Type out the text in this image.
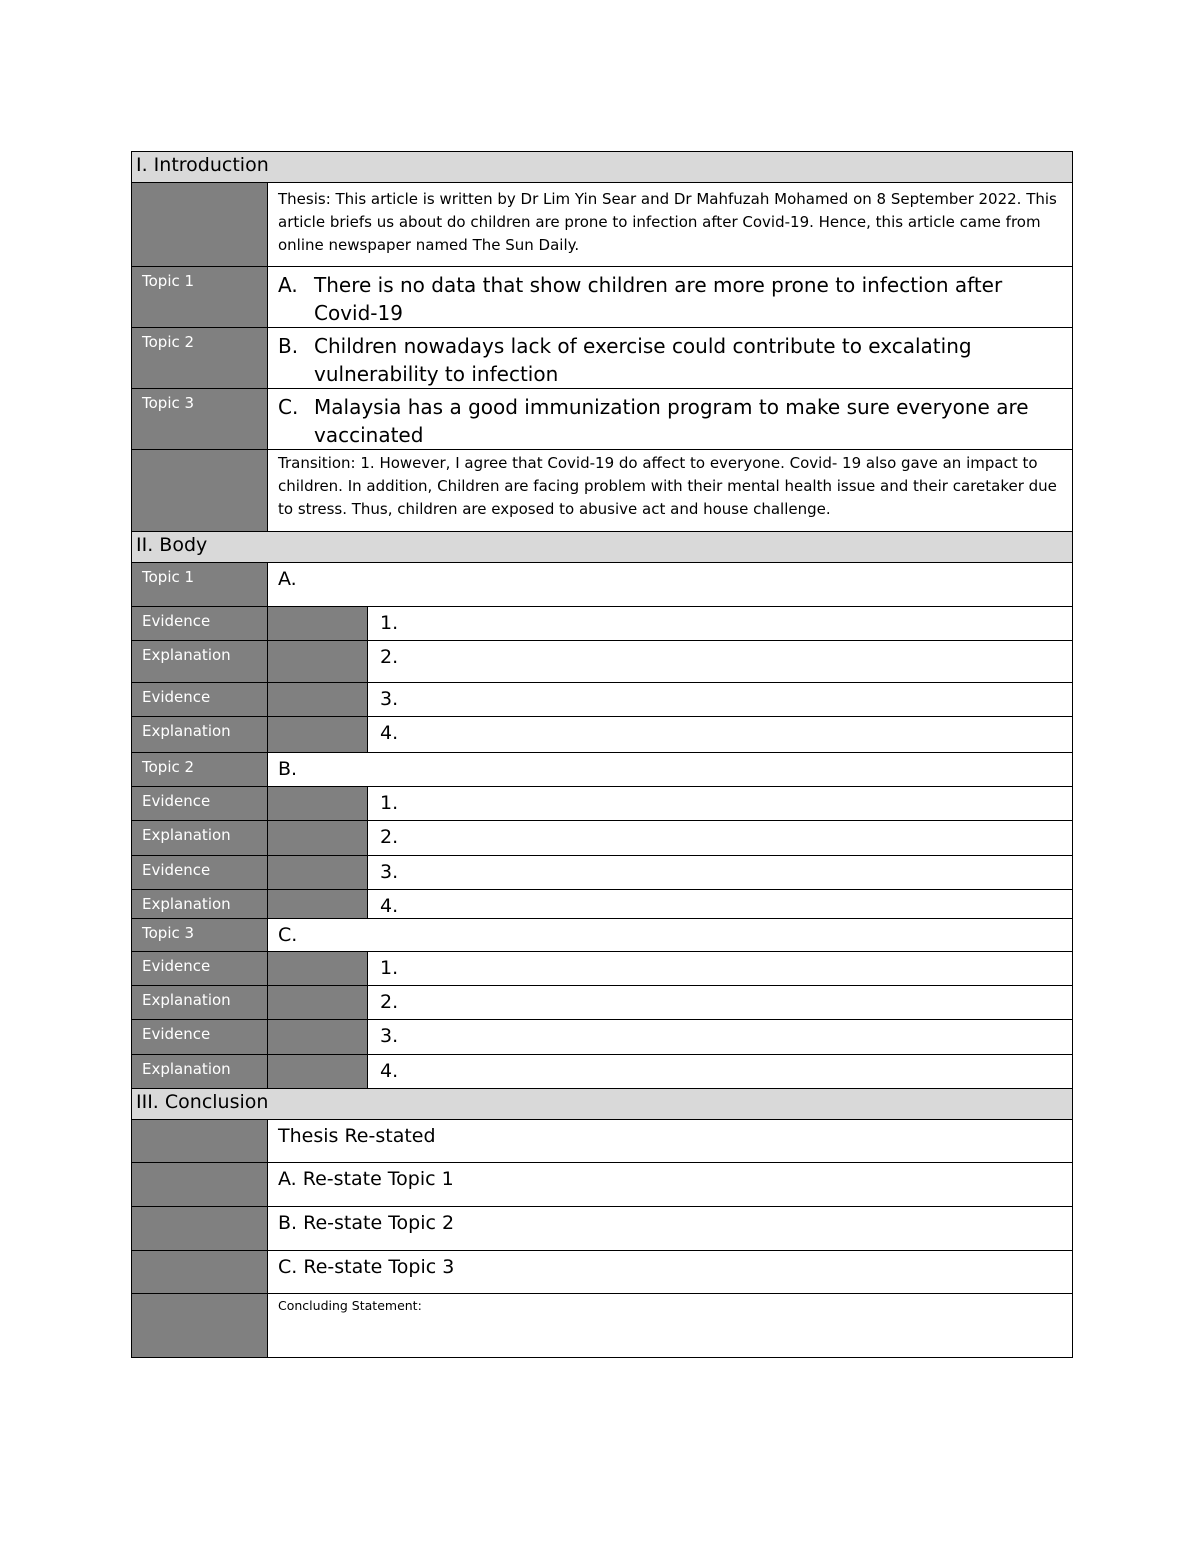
I. Introduction		
	Thesis: This article is written by Dr Lim Yin Sear and Dr Mahfuzah Mohamed on 8 September 2022. This article briefs us about do children are prone to infection after Covid-19. Hence, this article came from online newspaper named The Sun Daily.	
Topic 1	A. There is no data that show children are more prone to infection after Covid-19	

Topic 2	B. Children nowadays lack of exercise could contribute to excalating vulnerability to infection	

Topic 3	C. Malaysia has a good immunization program to make sure everyone are vaccinated	

	Transition: 1. However, I agree that Covid-19 do affect to everyone. Covid- 19 also gave an impact to children. In addition, Children are facing problem with their mental health issue and their caretaker due to stress. Thus, children are exposed to abusive act and house challenge.	
II. Body		
Topic 1	A.	
Evidence		1.
Explanation		2.
Evidence		3.
Explanation		4.
Topic 2	B.	
Evidence		1.
Explanation		2.
Evidence		3.
Explanation		4.
Topic 3	C.	
Evidence		1.
Explanation		2.
Evidence		3.
Explanation		4.
III. Conclusion		
	Thesis Re-stated	
	A. Re-state Topic 1	
	B. Re-state Topic 2	
	C. Re-state Topic 3	
	Concluding Statement:	
